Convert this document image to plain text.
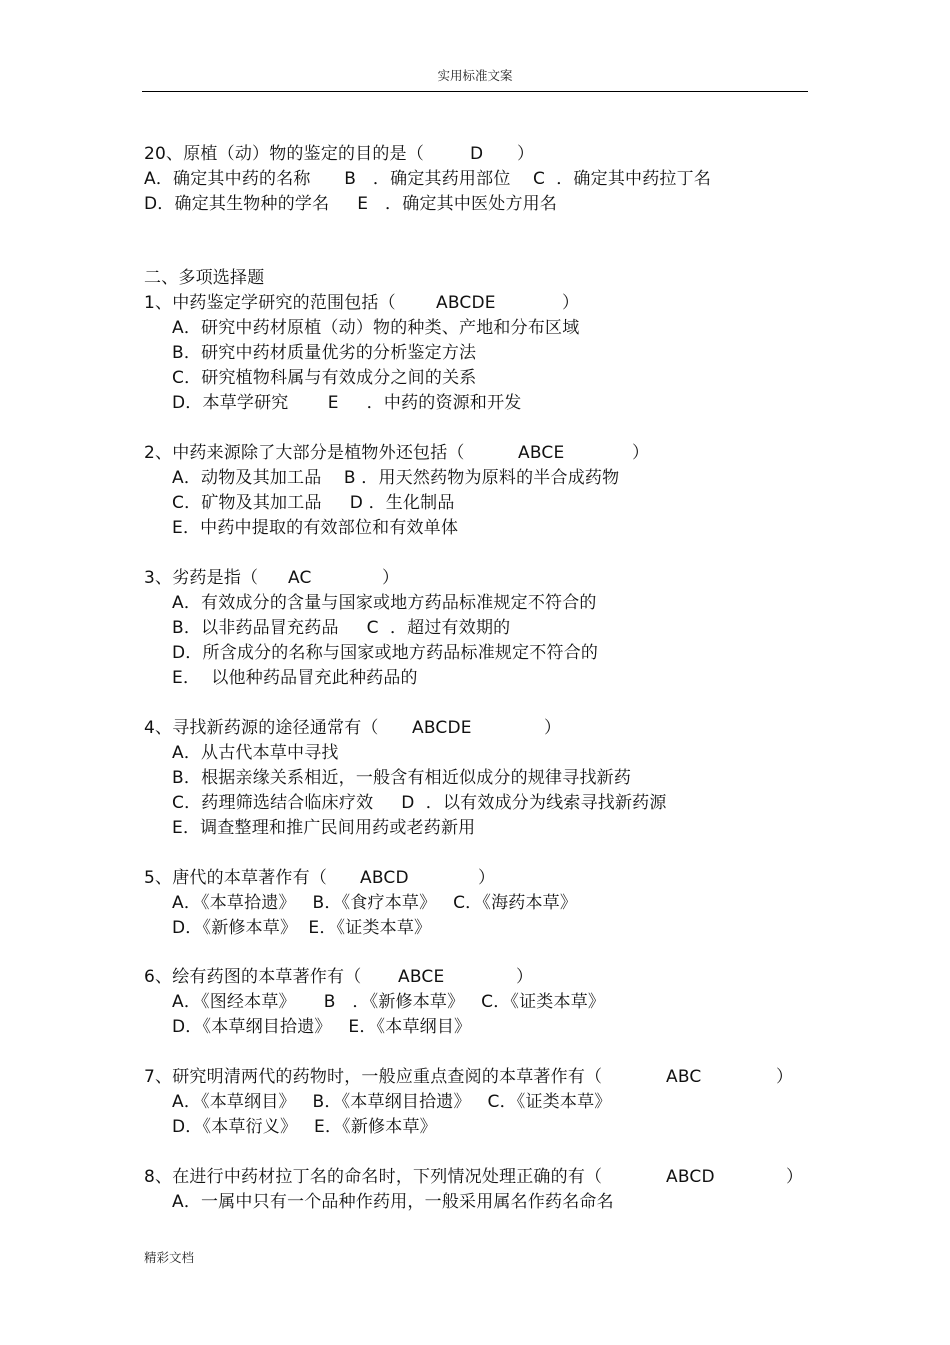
实用标准文案
20、原植（动）物的鉴定的目的是（	D ）
A．确定其中药的名称      B   ．确定其药用部位    C  ．确定其中药拉丁名
D．确定其生物种的学名     E   ．确定其中医处方用名
二、多项选择题
1、中药鉴定学研究的范围包括（ ABCDE	）
A．研究中药材原植（动）物的种类、产地和分布区域
B．研究中药材质量优劣的分析鉴定方法
C．研究植物科属与有效成分之间的关系
D．本草学研究       E     ．中药的资源和开发
2、中药来源除了大部分是植物外还包括（	ABCE	）
A．动物及其加工品    B ．用天然药物为原料的半合成药物
C．矿物及其加工品     D ．生化制品
E．中药中提取的有效部位和有效单体
3、劣药是指（ AC	）
A．有效成分的含量与国家或地方药品标准规定不符合的
B．以非药品冒充药品     C  ．超过有效期的
D．所含成分的名称与国家或地方药品标准规定不符合的
E．  以他种药品冒充此种药品的
4、寻找新药源的途径通常有（ ABCDE	）
A．从古代本草中寻找
B．根据亲缘关系相近，一般含有相近似成分的规律寻找新药
C．药理筛选结合临床疗效     D  ．以有效成分为线索寻找新药源
E．调查整理和推广民间用药或老药新用
5、唐代的本草著作有（ ABCD	）
A．《本草拾遗》   B．《食疗本草》   C．《海药本草》
D．《新修本草》  E．《证类本草》
6、绘有药图的本草著作有（ ABCE	）
A．《图经本草》     B   ．《新修本草》   C．《证类本草》
D．《本草纲目拾遗》   E．《本草纲目》
7、研究明清两代的药物时，一般应重点查阅的本草著作有（	ABC	）
A．《本草纲目》   B．《本草纲目拾遗》   C．《证类本草》
D．《本草衍义》   E．《新修本草》
8、在进行中药材拉丁名的命名时，下列情况处理正确的有（	ABCD	）
A．一属中只有一个品种作药用，一般采用属名作药名命名
精彩文档
